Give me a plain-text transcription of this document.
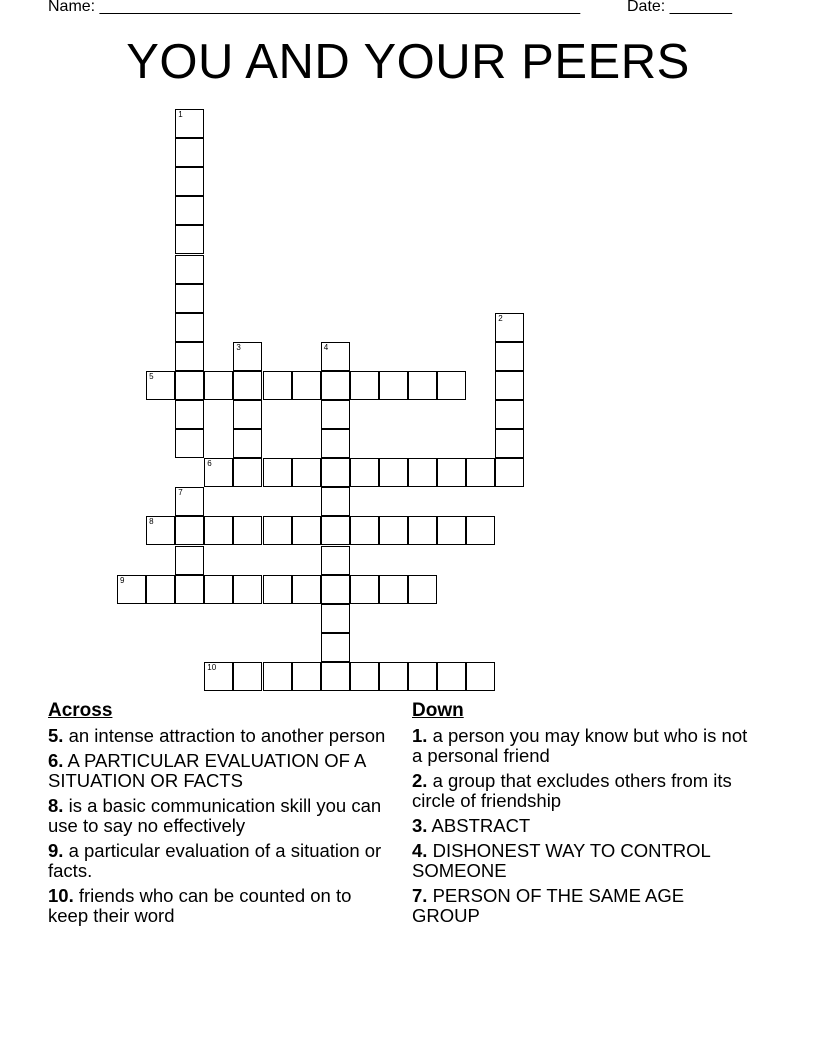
Name: ______________________________________________________	Date: _______
YOU AND YOUR PEERS
1
2
3	4
5
6
7
8
9
10
Across
5. an intense attraction to another person
6. A PARTICULAR EVALUATION OF A SITUATION OR FACTS
8. is a basic communication skill you can use to say no effectively
9. a particular evaluation of a situation or facts.
10. friends who can be counted on to keep their word
Down
1. a person you may know but who is not a personal friend
2. a group that excludes others from its circle of friendship
3. ABSTRACT
4. DISHONEST WAY TO CONTROL SOMEONE
7. PERSON OF THE SAME AGE GROUP
